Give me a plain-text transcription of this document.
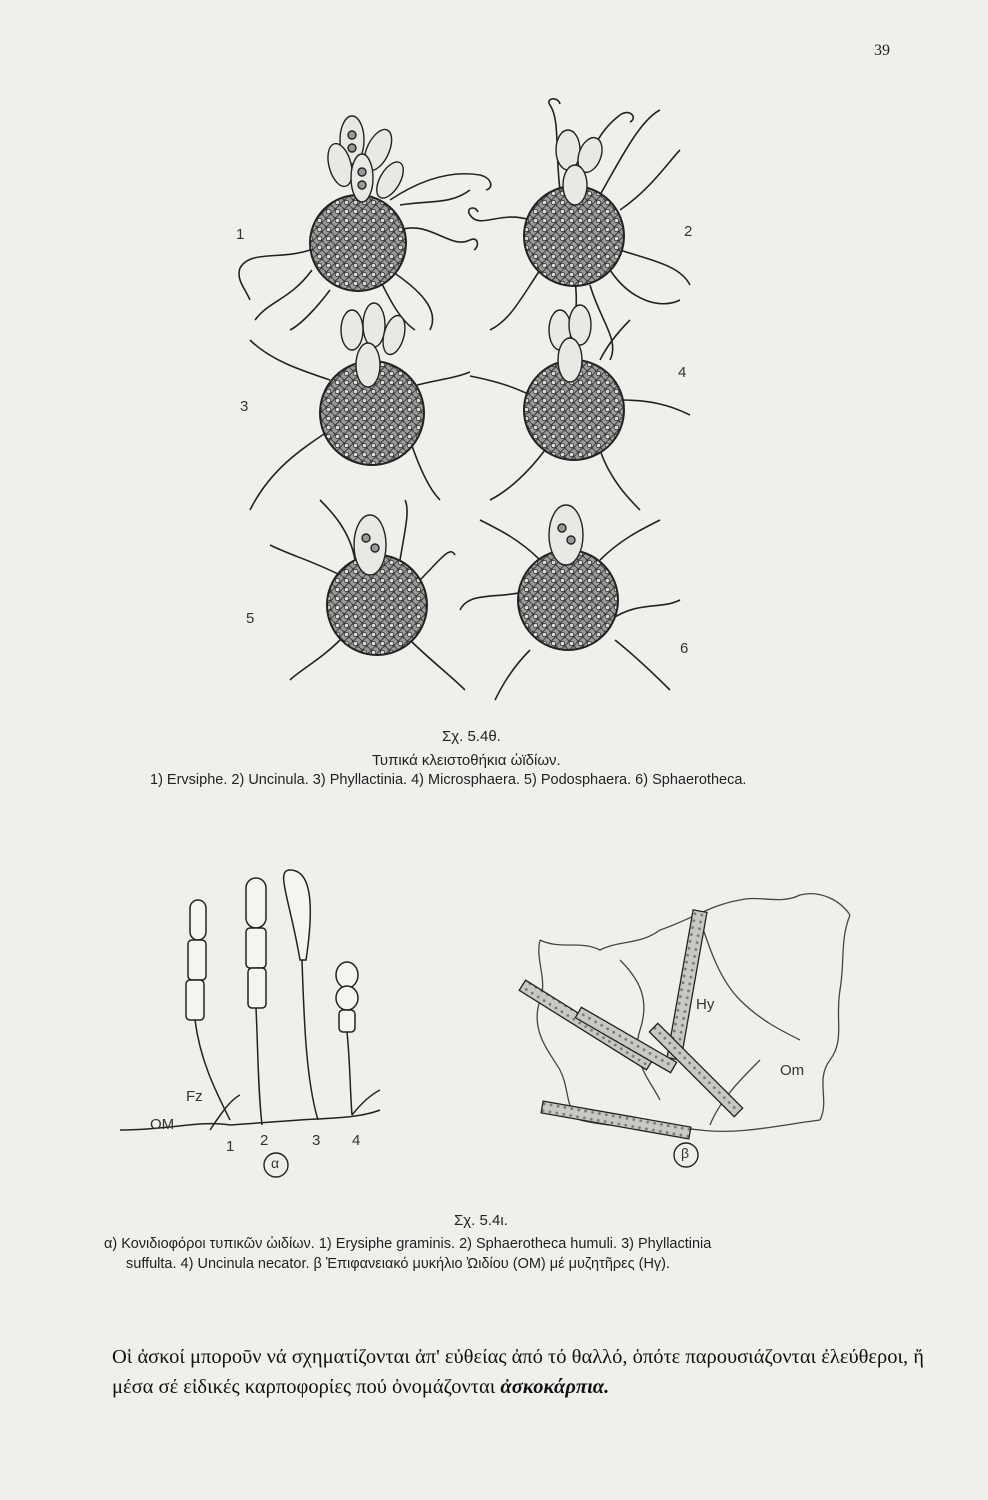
39
1	2
3
4
5
6
Σχ. 5.4θ.
Τυπικά κλειστοθήκια ὠϊδίων.
1) Ervsiphe. 2) Uncinula. 3) Phyllactinia. 4) Microsphaera. 5) Podosphaera. 6) Sphaerotheca.
Fz
OM
1 2	3 4
α
Hy
Om
β
Σχ. 5.4ι.
α) Κονιδιοφόροι τυπικῶν ὠιδίων. 1) Erysiphe graminis. 2) Sphaerotheca humuli. 3) Phyllactinia
suffulta. 4) Uncinula necator. β Ἐπιφανειακό μυκήλιο Ὠιδίου (ΟΜ) μέ μυζητῆρες (Ηγ).
Οἱ ἀσκοί μποροῦν νά σχηματίζονται ἀπ' εὐθείας ἀπό τό θαλλό, ὁπότε παρουσιάζονται ἐλεύθεροι, ἤ μέσα σέ εἰδικές καρποφορίες πού ὀνομάζονται ἀσκοκάρπια.
